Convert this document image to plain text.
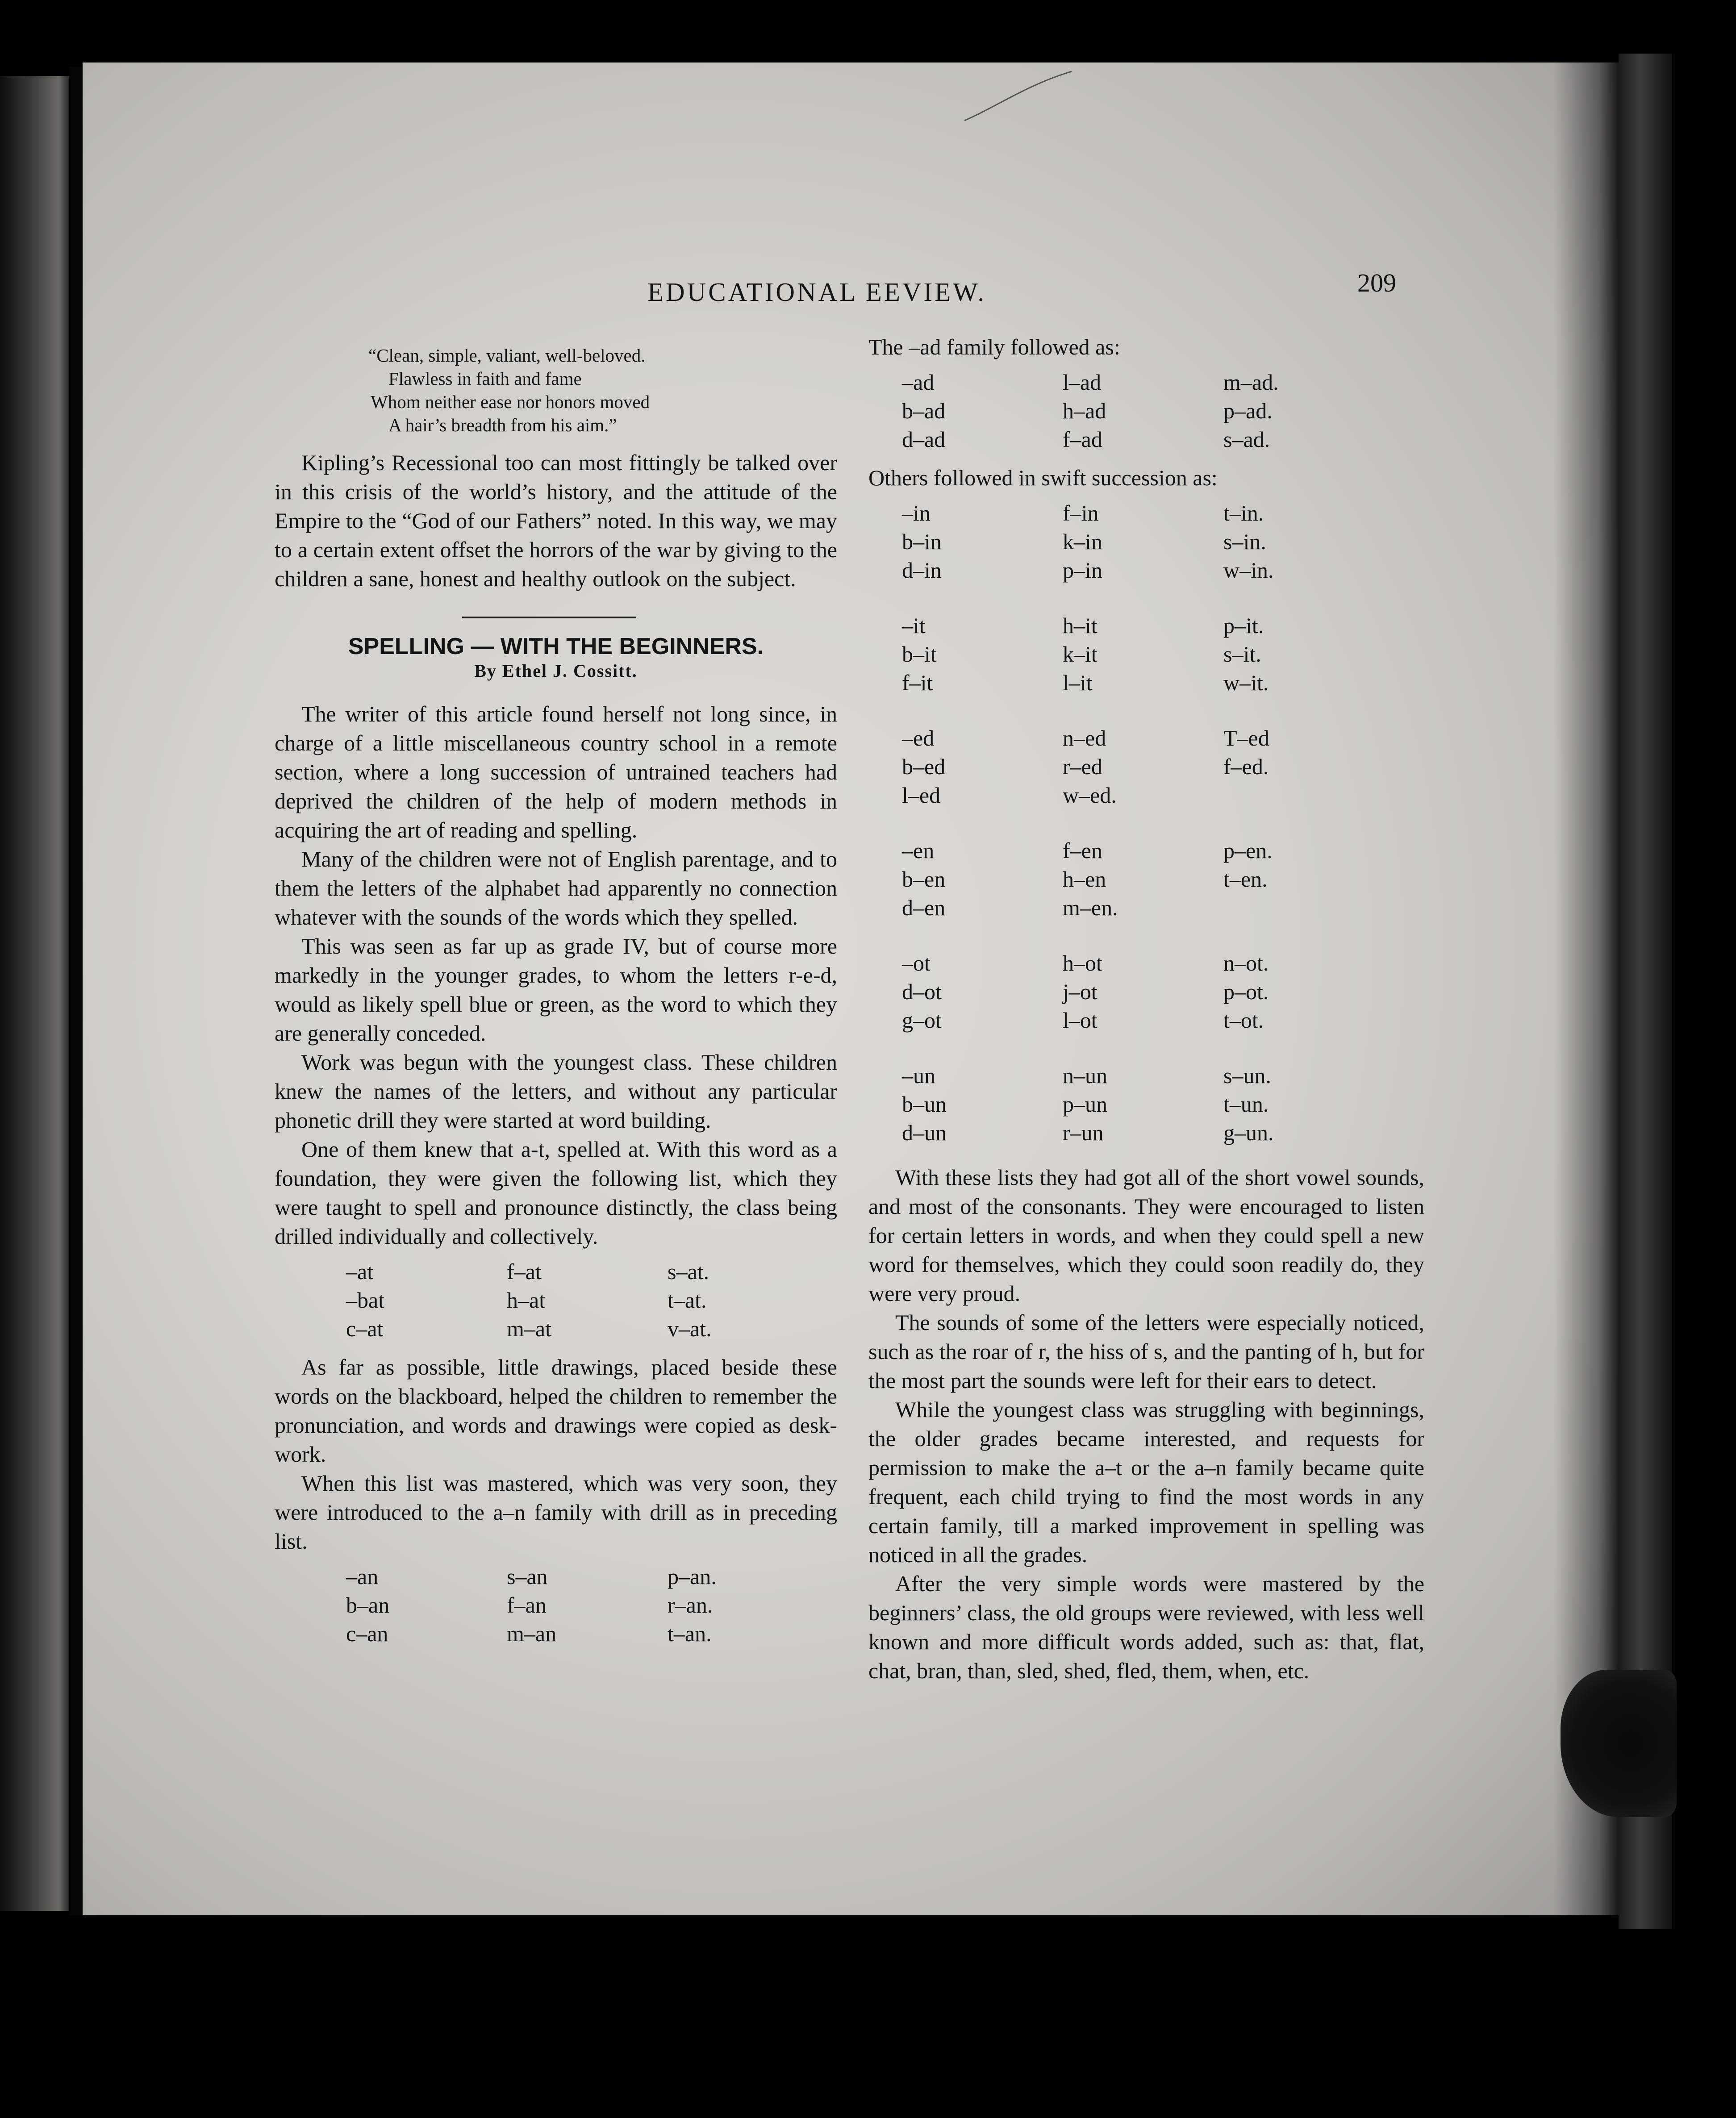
EDUCATIONAL EEVIEW.	209
“Clean, simple, valiant, well-beloved.
Flawless in faith and fame
Whom neither ease nor honors moved
A hair’s breadth from his aim.”

Kipling’s Recessional too can most fittingly be talked over in this crisis of the world’s history, and the attitude of the Empire to the “God of our Fathers” noted. In this way, we may to a certain extent offset the horrors of the war by giving to the children a sane, honest and healthy outlook on the subject.

SPELLING — WITH THE BEGINNERS.
By Ethel J. Cossitt.

The writer of this article found herself not long since, in charge of a little miscellaneous country school in a remote section, where a long succession of untrained teachers had deprived the children of the help of modern methods in acquiring the art of reading and spelling.

Many of the children were not of English parentage, and to them the letters of the alphabet had apparently no connection whatever with the sounds of the words which they spelled.

This was seen as far up as grade IV, but of course more markedly in the younger grades, to whom the letters r-e-d, would as likely spell blue or green, as the word to which they are generally conceded.

Work was begun with the youngest class. These children knew the names of the letters, and without any particular phonetic drill they were started at word building.

One of them knew that a-t, spelled at. With this word as a foundation, they were given the following list, which they were taught to spell and pronounce distinctly, the class being drilled individually and collectively.

–at	f–at	s–at.
–bat	h–at	t–at.
c–at	m–at	v–at.

As far as possible, little drawings, placed beside these words on the blackboard, helped the children to remember the pronunciation, and words and drawings were copied as desk-work.

When this list was mastered, which was very soon, they were introduced to the a–n family with drill as in preceding list.

–an	s–an	p–an.
b–an	f–an	r–an.
c–an	m–an	t–an.
The –ad family followed as:
–ad	l–ad	m–ad.
b–ad	h–ad	p–ad.
d–ad	f–ad	s–ad.
Others followed in swift succession as:
–in	f–in	t–in.
b–in	k–in	s–in.
d–in	p–in	w–in.
–it	h–it	p–it.
b–it	k–it	s–it.
f–it	l–it	w–it.
–ed	n–ed	T–ed
b–ed	r–ed	f–ed.
l–ed	w–ed.
–en	f–en	p–en.
b–en	h–en	t–en.
d–en	m–en.
–ot	h–ot	n–ot.
d–ot	j–ot	p–ot.
g–ot	l–ot	t–ot.
–un	n–un	s–un.
b–un	p–un	t–un.
d–un	r–un	g–un.

With these lists they had got all of the short vowel sounds, and most of the consonants. They were encouraged to listen for certain letters in words, and when they could spell a new word for themselves, which they could soon readily do, they were very proud.

The sounds of some of the letters were especially noticed, such as the roar of r, the hiss of s, and the panting of h, but for the most part the sounds were left for their ears to detect.

While the youngest class was struggling with beginnings, the older grades became interested, and requests for permission to make the a–t or the a–n family became quite frequent, each child trying to find the most words in any certain family, till a marked improvement in spelling was noticed in all the grades.

After the very simple words were mastered by the beginners’ class, the old groups were reviewed, with less well known and more difficult words added, such as: that, flat, chat, bran, than, sled, shed, fled, them, when, etc.
